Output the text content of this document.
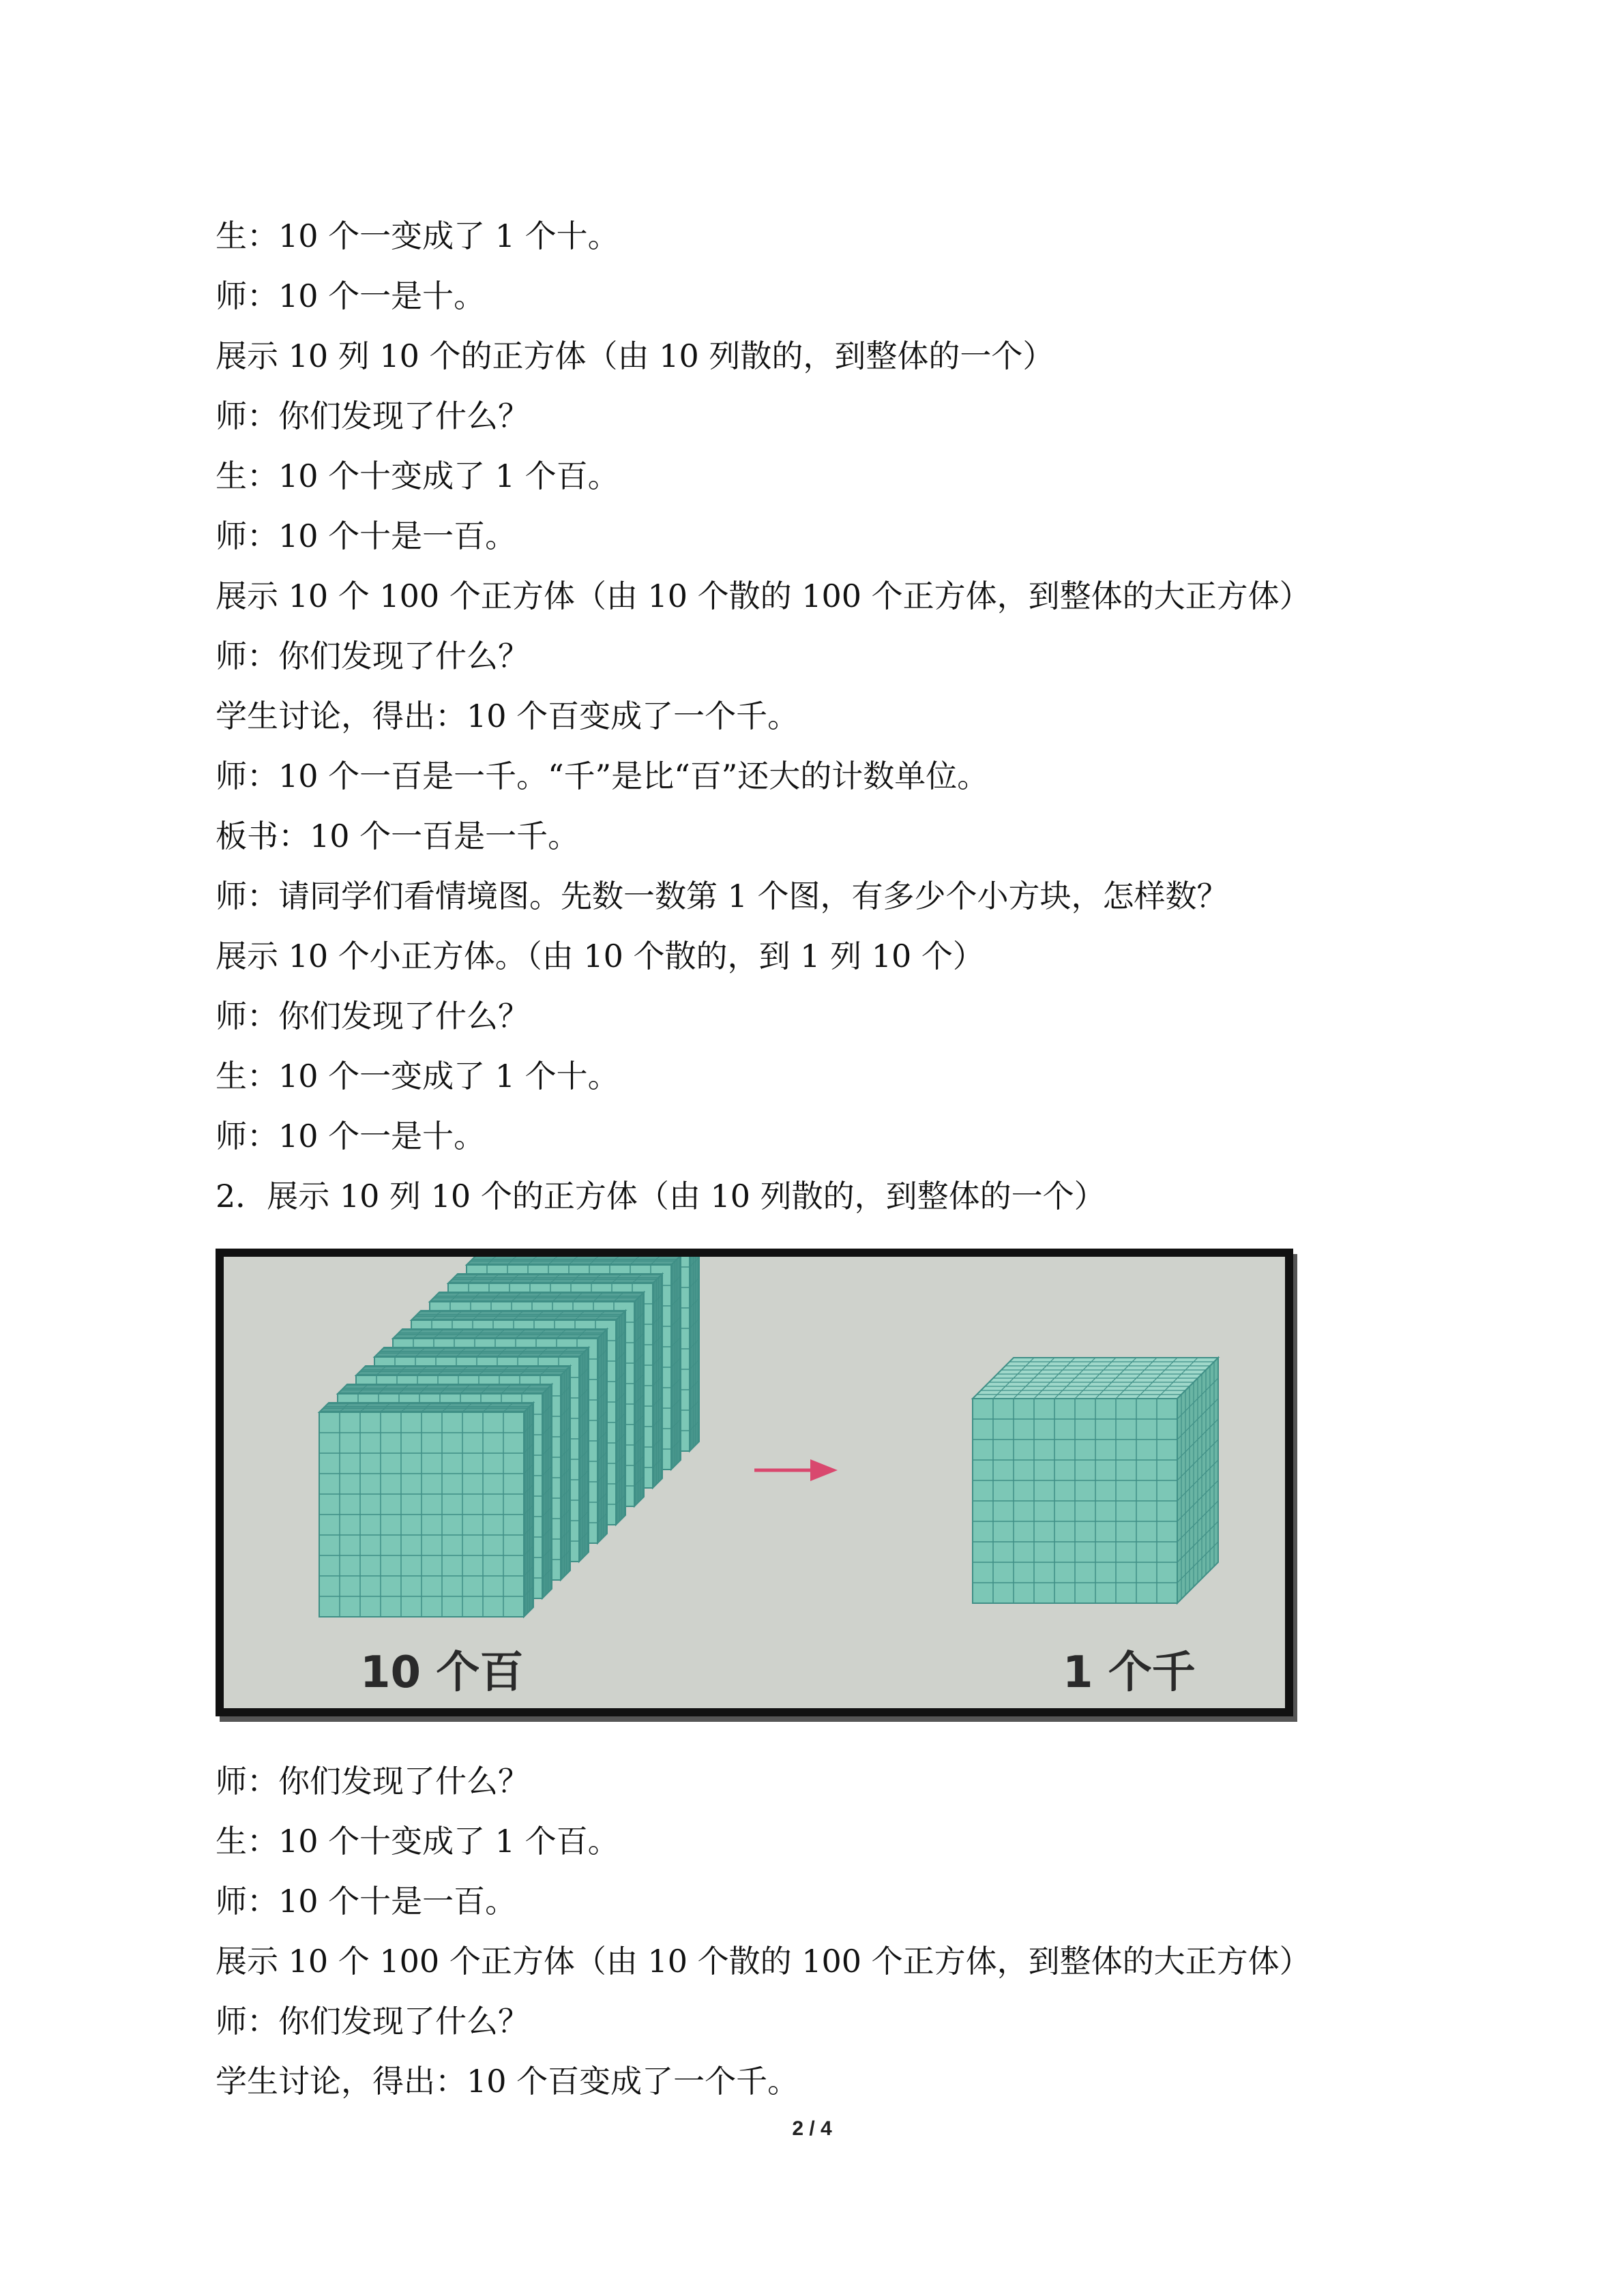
生：10 个一变成了 1 个十。
师：10 个一是十。
展示 10 列 10 个的正方体（由 10 列散的，到整体的一个）
师：你们发现了什么？
生：10 个十变成了 1 个百。
师：10 个十是一百。
展示 10 个 100 个正方体（由 10 个散的 100 个正方体，到整体的大正方体）
师：你们发现了什么？
学生讨论，得出：10 个百变成了一个千。
师：10 个一百是一千。“千”是比“百”还大的计数单位。
板书：10 个一百是一千。
师：请同学们看情境图。先数一数第 1 个图，有多少个小方块，怎样数？
展示 10 个小正方体。（由 10 个散的，到 1 列 10 个）
师：你们发现了什么？
生：10 个一变成了 1 个十。
师：10 个一是十。
2．展示 10 列 10 个的正方体（由 10 列散的，到整体的一个）
10 个百	1 个千
师：你们发现了什么？
生：10 个十变成了 1 个百。
师：10 个十是一百。
展示 10 个 100 个正方体（由 10 个散的 100 个正方体，到整体的大正方体）
师：你们发现了什么？
学生讨论，得出：10 个百变成了一个千。
2 / 4
